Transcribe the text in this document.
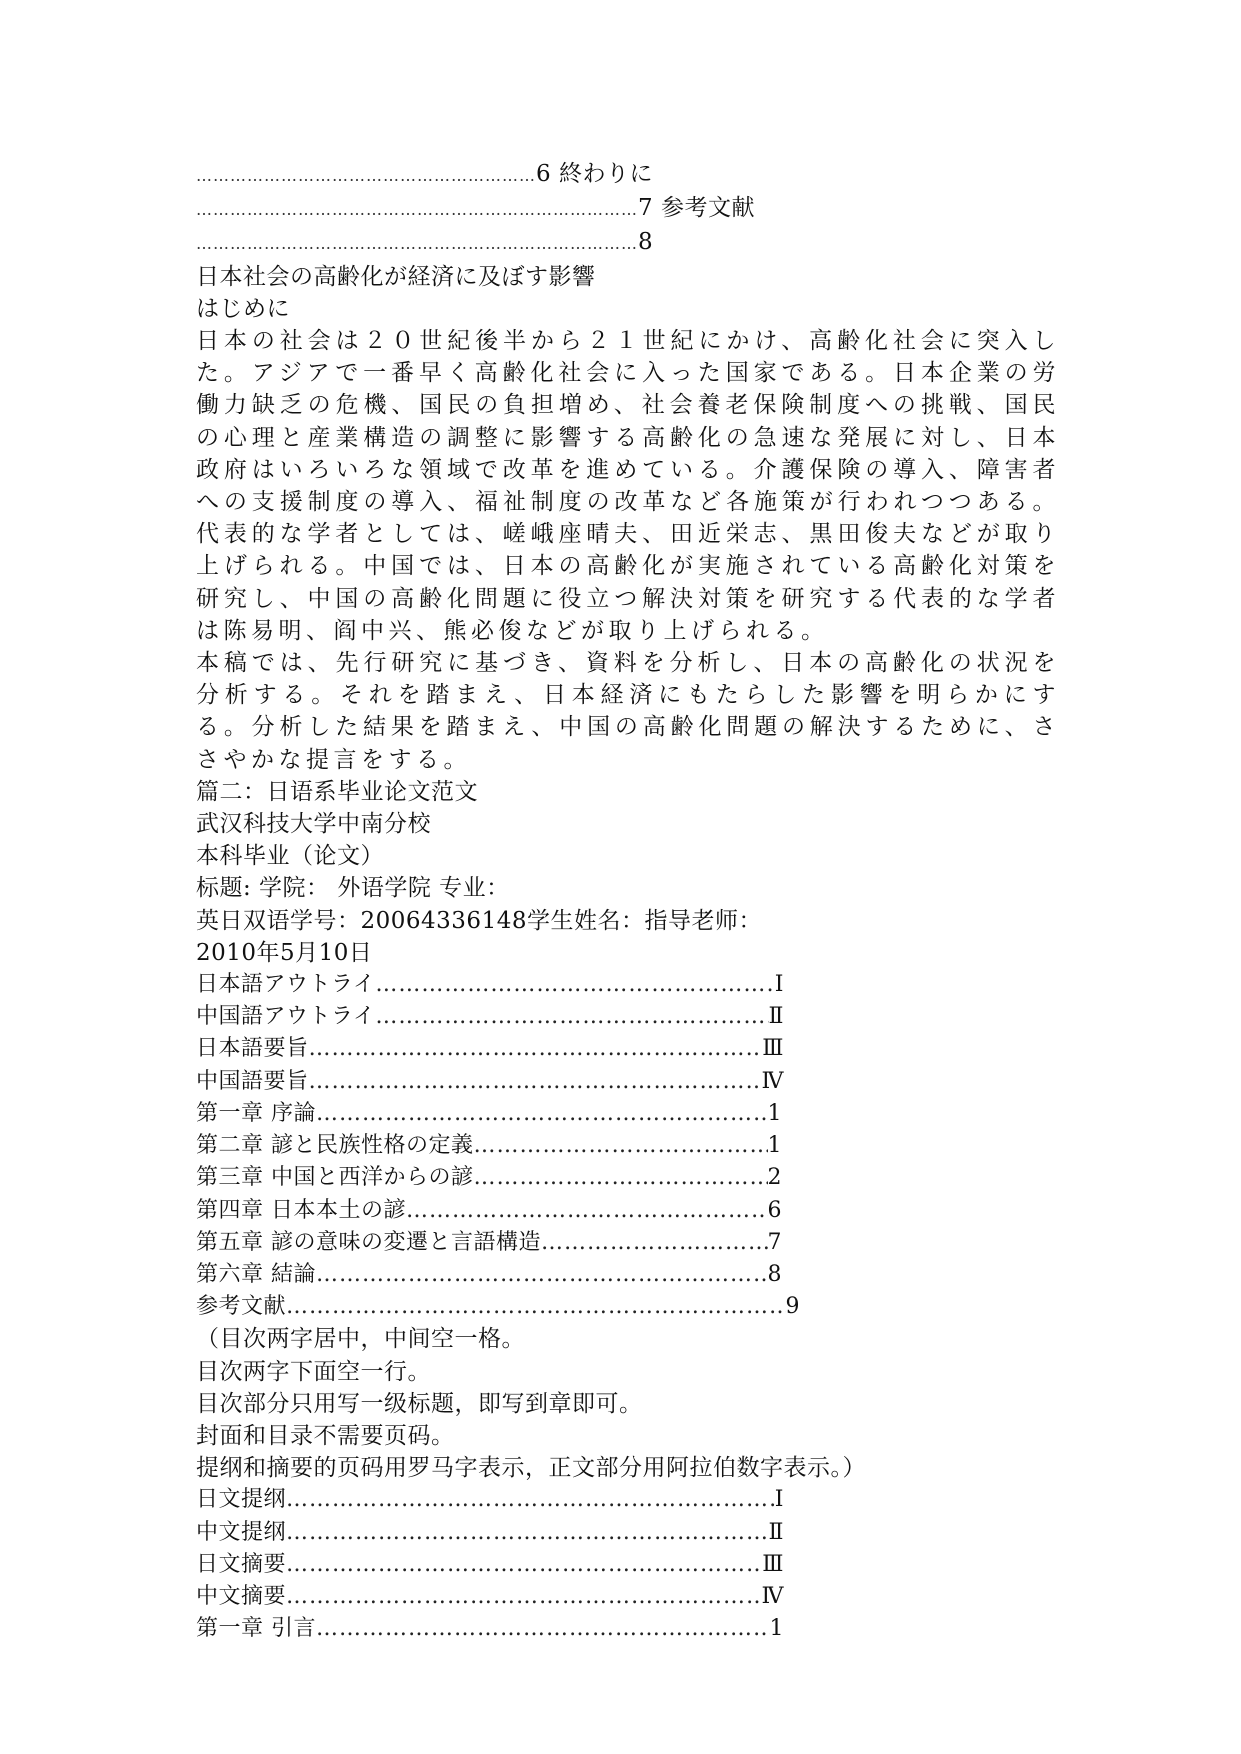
……………………………………………………6 終わりに
……………………………………………………………………7 参考文献
……………………………………………………………………8
日本社会の高齢化が経済に及ぼす影響
はじめに
日本の社会は２０世紀後半から２１世紀にかけ、高齢化社会に突入した。アジアで一番早く高齢化社会に入った国家である。日本企業の労働力缺乏の危機、国民の負担増め、社会養老保険制度への挑戦、国民の心理と産業構造の調整に影響する高齢化の急速な発展に対し、日本政府はいろいろな領域で改革を進めている。介護保険の導入、障害者への支援制度の導入、福祉制度の改革など各施策が行われつつある。代表的な学者としては、嵯峨座晴夫、田近栄志、黒田俊夫などが取り上げられる。中国では、日本の高齢化が実施されている高齢化対策を研究し、中国の高齢化問題に役立つ解決対策を研究する代表的な学者は陈易明、阎中兴、熊必俊などが取り上げられる。
本稿では、先行研究に基づき、資料を分析し、日本の高齢化の状況を分析する。それを踏まえ、日本経済にもたらした影響を明らかにする。分析した結果を踏まえ、中国の高齢化問題の解決するために、ささやかな提言をする。
篇二：日语系毕业论文范文
武汉科技大学中南分校
本科毕业（论文）
标题: 学院： 外语学院 专业：
英日双语学号：20064336148学生姓名：指导老师：
2010年5月10日
日本語アウトライ ……………………………………………………………………………………………………………………………………………………	Ⅰ
中国語アウトライ ……………………………………………………………………………………………………………………………………………………	Ⅱ
日本語要旨 ……………………………………………………………………………………………………………………………………………………	Ⅲ
中国語要旨 ……………………………………………………………………………………………………………………………………………………	Ⅳ
第一章 序論 ……………………………………………………………………………………………………………………………………………………	1
第二章 諺と民族性格の定義 ……………………………………………………………………………………………………………………………………………………	1
第三章 中国と西洋からの諺 ……………………………………………………………………………………………………………………………………………………	2
第四章 日本本土の諺 ……………………………………………………………………………………………………………………………………………………	6
第五章 諺の意味の変遷と言語構造 ……………………………………………………………………………………………………………………………………………………	7
第六章 結論 ……………………………………………………………………………………………………………………………………………………	8
参考文献 ……………………………………………………………………………………………………………………………………………………	9
（目次两字居中，中间空一格。
目次两字下面空一行。
目次部分只用写一级标题，即写到章即可。
封面和目录不需要页码。
提纲和摘要的页码用罗马字表示，正文部分用阿拉伯数字表示。）
日文提纲 ……………………………………………………………………………………………………………………………………………………	Ⅰ
中文提纲 ……………………………………………………………………………………………………………………………………………………	Ⅱ
日文摘要 ……………………………………………………………………………………………………………………………………………………	Ⅲ
中文摘要 ……………………………………………………………………………………………………………………………………………………	Ⅳ
第一章 引言 ……………………………………………………………………………………………………………………………………………………	1
